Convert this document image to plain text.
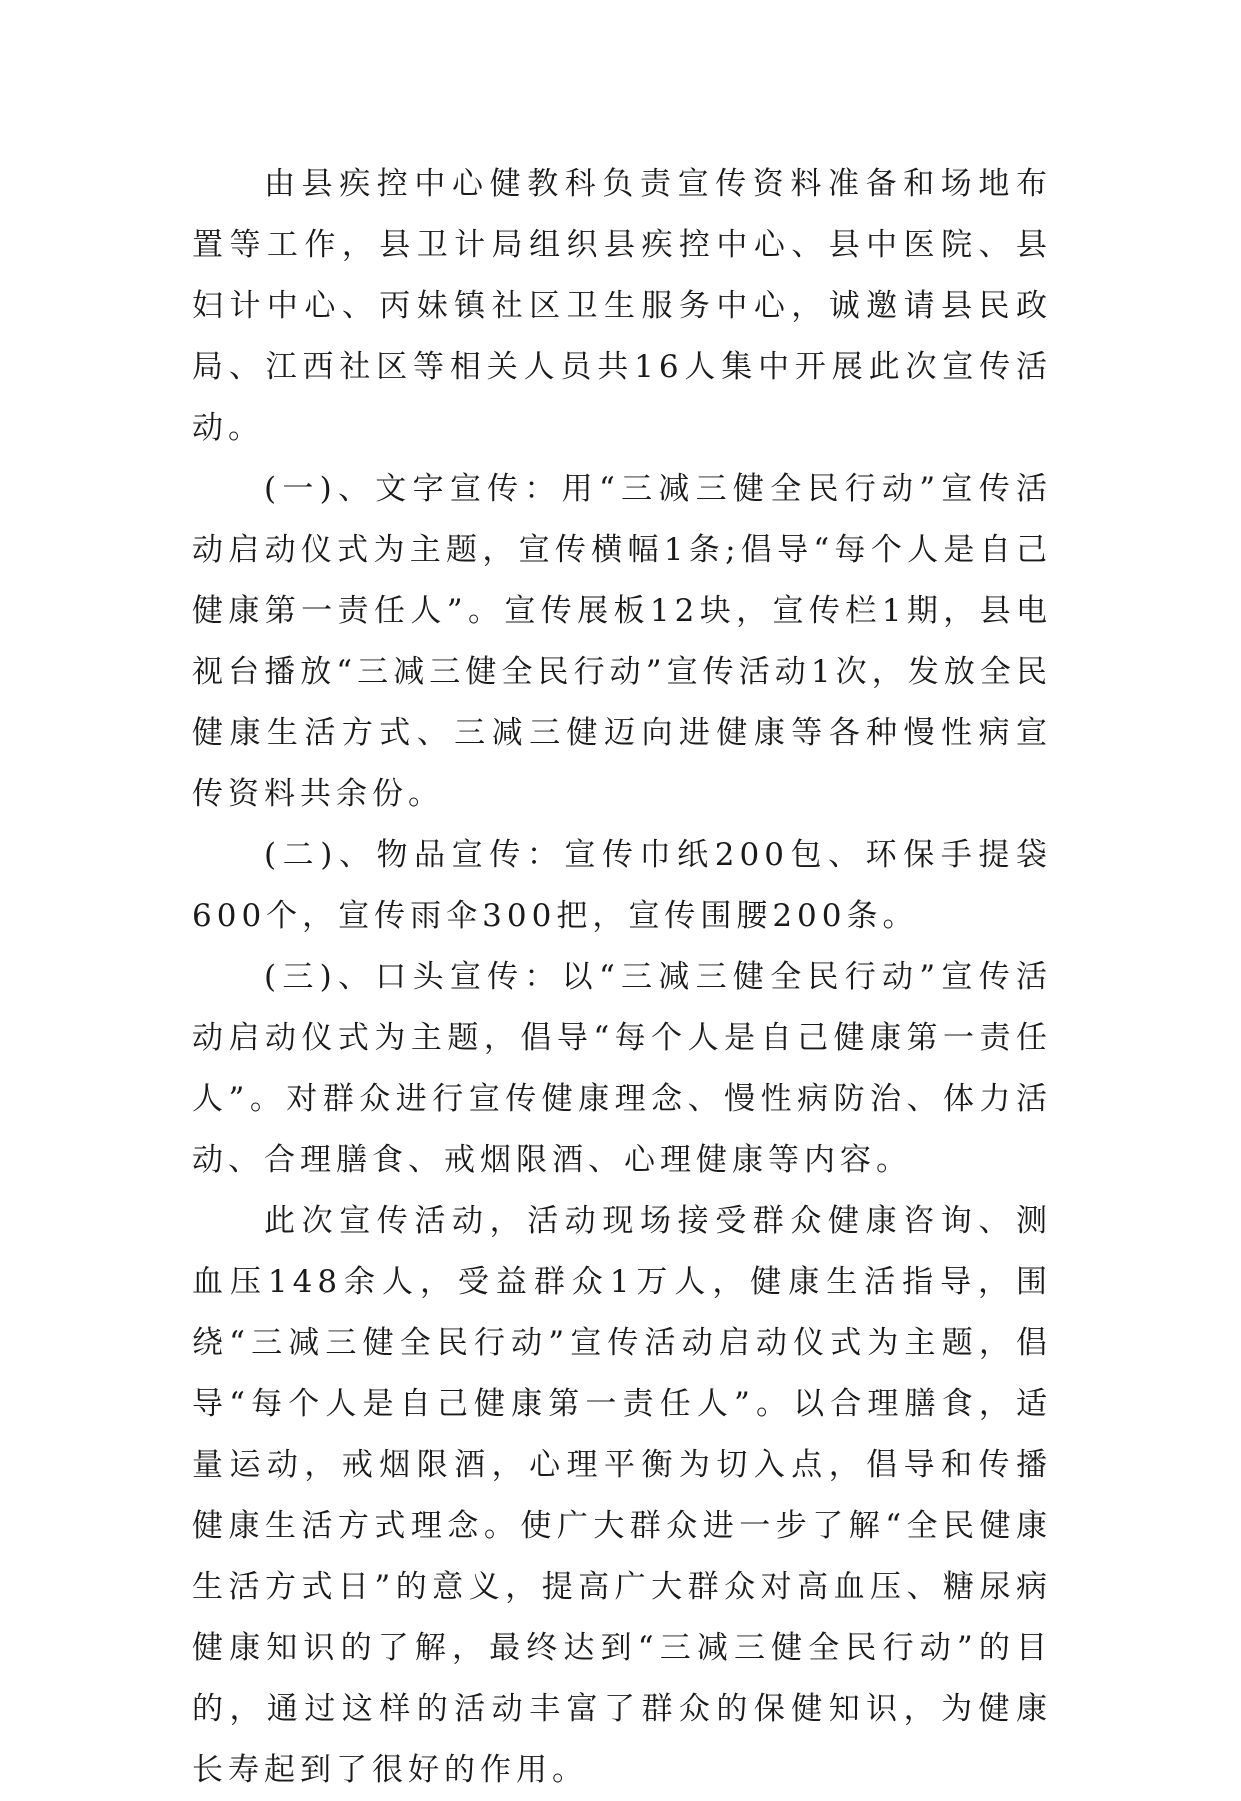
由县疾控中心健教科负责宣传资料准备和场地布置等工作，县卫计局组织县疾控中心、县中医院、县妇计中心、丙妹镇社区卫生服务中心，诚邀请县民政局、江西社区等相关人员共16人集中开展此次宣传活动。

(一)、文字宣传：用“三减三健全民行动”宣传活动启动仪式为主题，宣传横幅1条;倡导“每个人是自己健康第一责任人”。宣传展板12块，宣传栏1期，县电视台播放“三减三健全民行动”宣传活动1次，发放全民健康生活方式、三减三健迈向进健康等各种慢性病宣传资料共余份。

(二)、物品宣传：宣传巾纸200包、环保手提袋600个，宣传雨伞300把，宣传围腰200条。

(三)、口头宣传：以“三减三健全民行动”宣传活动启动仪式为主题，倡导“每个人是自己健康第一责任人”。对群众进行宣传健康理念、慢性病防治、体力活动、合理膳食、戒烟限酒、心理健康等内容。

此次宣传活动，活动现场接受群众健康咨询、测血压148余人，受益群众1万人，健康生活指导，围绕“三减三健全民行动”宣传活动启动仪式为主题，倡导“每个人是自己健康第一责任人”。以合理膳食，适量运动，戒烟限酒，心理平衡为切入点，倡导和传播健康生活方式理念。使广大群众进一步了解“全民健康生活方式日”的意义，提高广大群众对高血压、糖尿病健康知识的了解，最终达到“三减三健全民行动”的目的，通过这样的活动丰富了群众的保健知识，为健康长寿起到了很好的作用。
